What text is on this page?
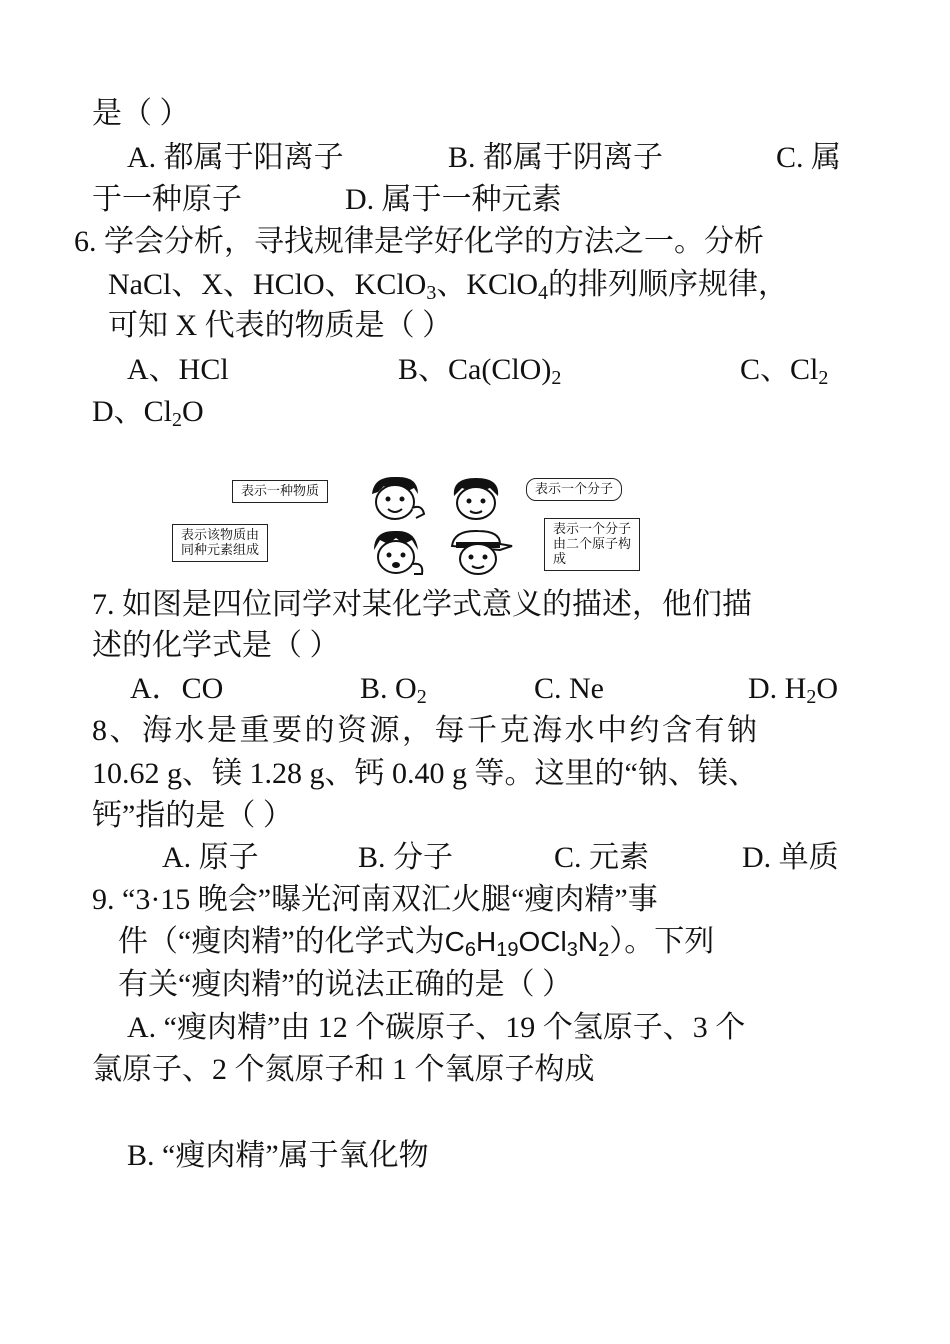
是（ ）
A. 都属于阳离子	B. 都属于阴离子	C. 属
于一种原子	D. 属于一种元素
6. 学会分析，寻找规律是学好化学的方法之一。分析
NaCl、X、HClO、KClO$_3$、KClO$_4$的排列顺序规律，
可知 X 代表的物质是（ ）
A、HCl	B、$Ca(ClO)_2$	C、$Cl_2$
D、$Cl_2O$
表示一种物质	表示一个分子
表示该物质由
同种元素组成
表示一个分子
由二个原子构
成
7. 如图是四位同学对某化学式意义的描述，他们描
述的化学式是（ ）
A．CO	B. $O_2$	C. Ne	D. $H_2O$
8、海水是重要的资源，每千克海水中约含有钠
10.62 g、镁 1.28 g、钙 0.40 g 等。这里的“钠、镁、
钙”指的是（ ）
A. 原子	B. 分子	C. 元素	D. 单质
9. “3·15 晚会”曝光河南双汇火腿“瘦肉精”事
件（“瘦肉精”的化学式为$C_6H_{19}OCl_3N_2$）。下列
有关“瘦肉精”的说法正确的是（ ）
A. “瘦肉精”由 12 个碳原子、19 个氢原子、3 个
氯原子、2 个氮原子和 1 个氧原子构成
B. “瘦肉精”属于氧化物
